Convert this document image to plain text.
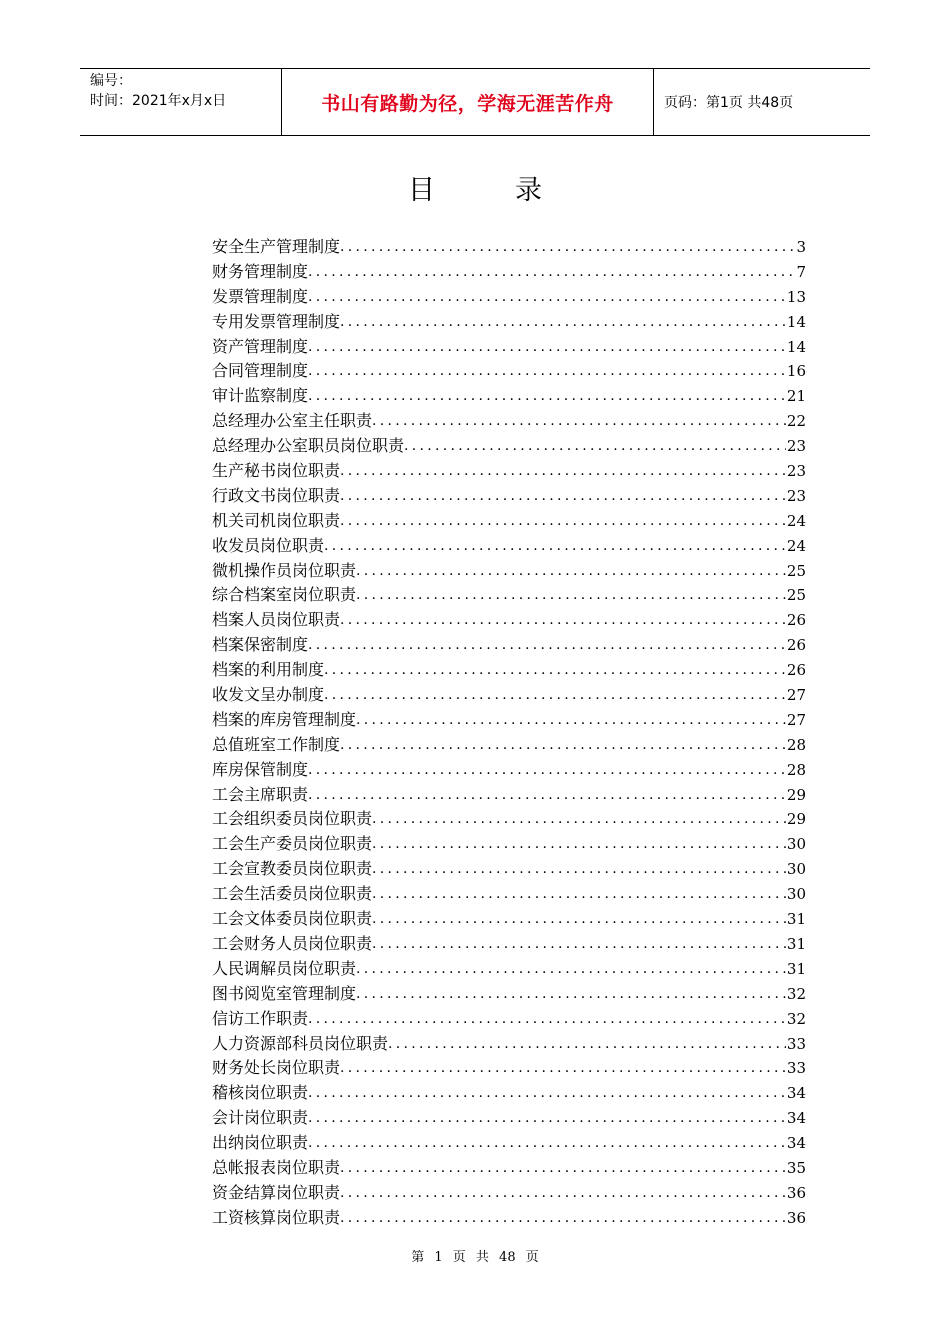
编号：
时间：2021年x月x日	书山有路勤为径，学海无涯苦作舟	页码：第1页 共48页
目录
安全生产管理制度 .....	3
财务管理制度 .....	7
发票管理制度 .....	13
专用发票管理制度 .....	14
资产管理制度 .....	14
合同管理制度 .....	16
审计监察制度 .....	21
总经理办公室主任职责 .....	22
总经理办公室职员岗位职责 .....	23
生产秘书岗位职责 .....	23
行政文书岗位职责 .....	23
机关司机岗位职责 .....	24
收发员岗位职责 .....	24
微机操作员岗位职责 .....	25
综合档案室岗位职责 .....	25
档案人员岗位职责 .....	26
档案保密制度 .....	26
档案的利用制度 .....	26
收发文呈办制度 .....	27
档案的库房管理制度 .....	27
总值班室工作制度 .....	28
库房保管制度 .....	28
工会主席职责 .....	29
工会组织委员岗位职责 .....	29
工会生产委员岗位职责 .....	30
工会宣教委员岗位职责 .....	30
工会生活委员岗位职责 .....	30
工会文体委员岗位职责 .....	31
工会财务人员岗位职责 .....	31
人民调解员岗位职责 .....	31
图书阅览室管理制度 .....	32
信访工作职责 .....	32
人力资源部科员岗位职责 .....	33
财务处长岗位职责 .....	33
稽核岗位职责 .....	34
会计岗位职责 .....	34
出纳岗位职责 .....	34
总帐报表岗位职责 .....	35
资金结算岗位职责 .....	36
工资核算岗位职责 .....	36
第 1 页 共 48 页
